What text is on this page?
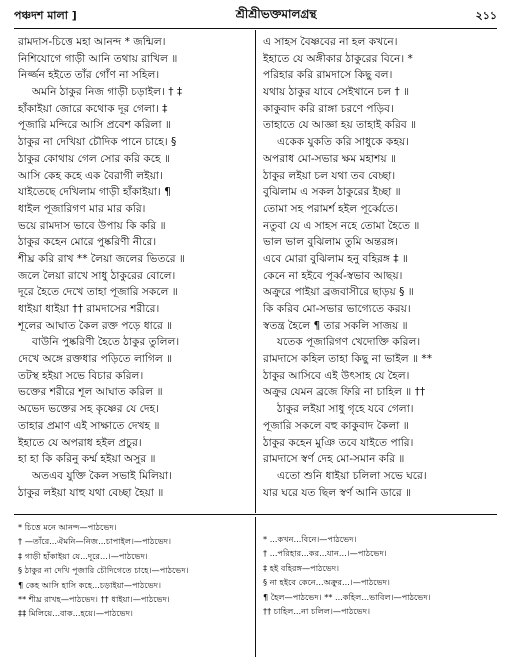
পঞ্চদশ মালা ]	শ্রীশ্রীভক্তমালগ্রন্থ	২১১
রামদাস-চিত্তে মহা আনন্দ * জন্মিল।
নিশিযোগে গাড়ী আনি তথায় রাখিল ॥
নির্জ্জন হইতে তাঁর গোঁণ না সহিল।
অমনি ঠাকুর নিজ গাড়ী চড়াইল। † ‡
হাঁকাইয়া জোরে কথোক দূর গেলা। ‡
পূজারি মন্দিরে আসি প্রবেশ করিলা ॥
ঠাকুর না দেখিয়া চৌদিক পানে চাহে। §
ঠাকুর কোথায় গেল সোর করি কহে ॥
আসি কেহ কহে এক বৈরাগী লইয়া।
যাইতেছে দেখিলাম গাড়ী হাঁকাইয়া। ¶
ধাইল পূজারিগণ মার মার করি।
ভয়ে রামদাস ভাবে উপায় কি করি ॥
ঠাকুর কহেন মোরে পুষ্করিণী নীরে।
শীঘ্র করি রাখ ** লৈয়া জলের ভিতরে ॥
জলে লৈয়া রাখে সাধু ঠাকুরের বোলে।
দূরে হৈতে দেখে তাহা পূজারি সকলে ॥
ধাইয়া ধাইয়া †† রামদাসের শরীরে।
শূলের আঘাত কৈল রক্ত পড়ে ধারে ॥
বাউনি পুষ্করিণী হৈতে ঠাকুর তুলিল।
দেখে অঙ্গে রক্তধার পড়িতে লাগিল ॥
তটস্থ হইয়া সভে বিচার করিল।
ভক্তের শরীরে শূল আঘাত করিল ॥
অভেদ ভক্তের সহ কৃষ্ণের যে দেহ।
তাহার প্রমাণ এই সাক্ষাতে দেখহ ॥
ইহাতে যে অপরাধ হইল প্রচুর।
হা হা কি করিনু কর্ম্ম হইয়া অসুর ॥
অতএব যুক্তি কৈল সভাই মিলিয়া।
ঠাকুর লইয়া যাহু যথা বেচ্ছা হৈয়া ॥
এ সাহস বৈষ্ণবের না হল কখনে।
ইহাতে যে অঙ্গীকার ঠাকুরের বিনে। *
পরিহার করি রামদাসে কিছু বল।
যথায় ঠাকুর যাবে সেইখানে চল † ॥
কাকুবাদ করি রাঙ্গা চরণে পড়িব।
তাহাতে যে আজ্ঞা হয় তাহাই করিব ॥
একেক যুকতি করি সাধুকে কহয়।
অপরাধ মো-সভার ক্ষম মহাশয় ॥
ঠাকুর লইয়া চল যথা তব বেচ্ছা।
বুঝিলাম এ সকল ঠাকুরের ইচ্ছা ॥
তোমা সহ পরামর্শ হইল পূর্ব্বেতে।
নতুবা যে এ সাহস নহে তোমা হৈতে ॥
ভাল ভাল বুঝিলাম তুমি অন্তরঙ্গ।
এবে মোরা বুঝিলাম হনু বহিরঙ্গ ‡ ॥
কেনে না হইবে পূর্ব্ব-স্বভাব আছয়।
অক্রুরে পাইয়া ব্রজবাসীরে ছাড়য় § ॥
কি করিব মো-সভার ভাগ্যেতে করয়।
স্বতন্ত্র হৈলে ¶ তার সকলি সাজয় ॥
যতেক পূজারিগণ খেদোক্তি করিল।
রামদাসে কহিল তাহা কিছু না ভাইল ॥ **
ঠাকুর আসিবে এই উৎসাহ যে হৈল।
অক্রুর যেমন ব্রজে ফিরি না চাহিল ॥ ††
ঠাকুর লইয়া সাধু গৃহে যবে গেলা।
পূজারি সকলে বহু কাকুবাদ কৈলা ॥
ঠাকুর কহেন মুঞি তবে যাইতে পারি।
রামদাসে স্বর্ণ দেহ মো-সমান করি ॥
এতো শুনি ধাইয়া চলিলা সভে ঘরে।
যার ঘরে যত ছিল স্বর্ণ আনি ডারে ॥
* চিত্তে মনে আনন্দ—পাঠভেদ।
† —তাঁরে...ঐমনি—নিজ...চাপাইল।—পাঠভেদ।
‡ গাড়ী হাঁকাইয়া যে...দূরে...।—পাঠভেদ।
§ ঠাকুর না দেখি পূজারি চৌদিগেতে চাহে।—পাঠভেদ।
¶ কেহ আসি হাসি কহে...চড়াইয়া—পাঠভেদ।
** শীঘ্র রাখহ—পাঠভেদ। †† ধাইয়া।—পাঠভেদ।
‡‡ মিলিয়ে...বাক...হয়ে।—পাঠভেদ।
* ...কখন...বিনে।—পাঠভেদ।
† ...পরিহার...কর...যান...।—পাঠভেদ।
‡ হই বহিরঙ্গ—পাঠভেদ।
§ না হইবে কেনে...অক্রুর...।—পাঠভেদ।
¶ হৈল—পাঠভেদ। ** ...কহিল...ভাবিল।—পাঠভেদ।
†† চাহিল...না চলিল।—পাঠভেদ।
